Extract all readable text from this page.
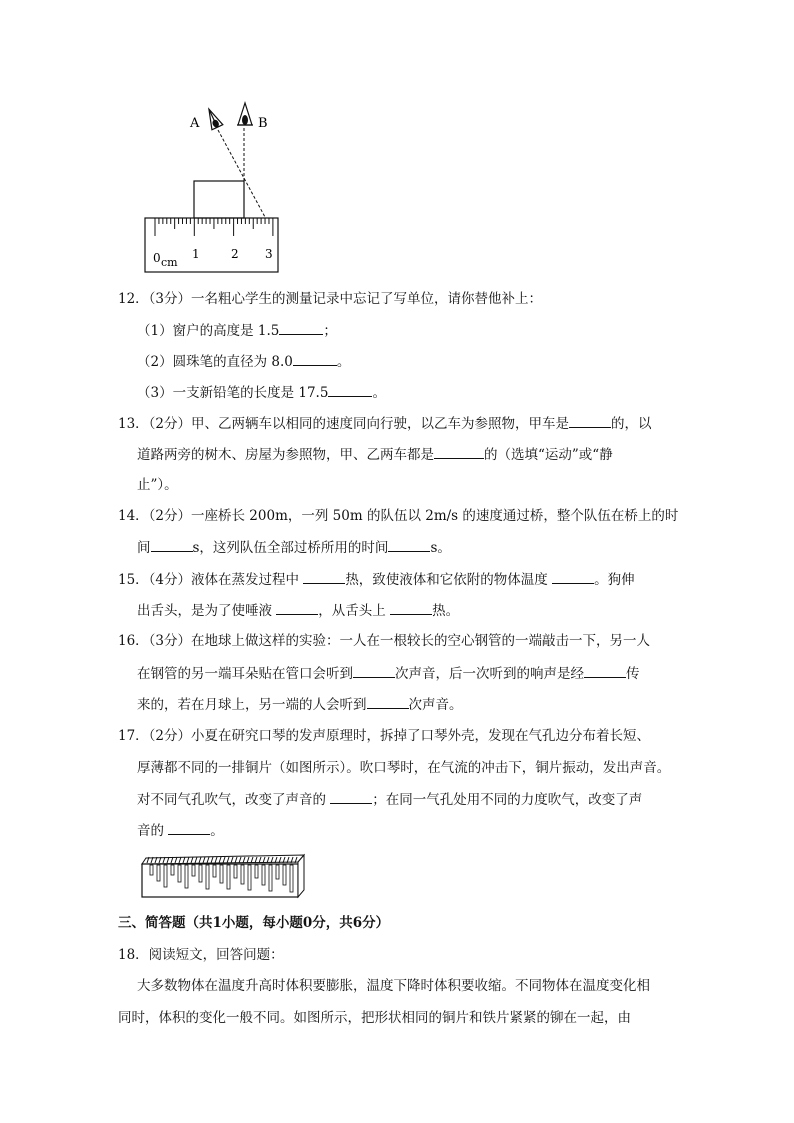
A	B
0 cm
1	2 3
12．（3分）一名粗心学生的测量记录中忘记了写单位，请你替他补上：
（1）窗户的高度是 1.5	；
（2）圆珠笔的直径为 8.0	。
（3）一支新铅笔的长度是 17.5	。
13．（2分）甲、乙两辆车以相同的速度同向行驶，以乙车为参照物，甲车是	的，以
道路两旁的树木、房屋为参照物，甲、乙两车都是	的（选填“运动”或“静
止”）。
14．（2分）一座桥长 200m，一列 50m 的队伍以 2m/s 的速度通过桥，整个队伍在桥上的时
间	s，这列队伍全部过桥所用的时间	s。
15．（4分）液体在蒸发过程中	热，致使液体和它依附的物体温度	。狗伸
出舌头，是为了使唾液	，从舌头上	热。
16．（3分）在地球上做这样的实验：一人在一根较长的空心钢管的一端敲击一下，另一人
在钢管的另一端耳朵贴在管口会听到	次声音，后一次听到的响声是经	传
来的，若在月球上，另一端的人会听到	次声音。
17．（2分）小夏在研究口琴的发声原理时，拆掉了口琴外壳，发现在气孔边分布着长短、
厚薄都不同的一排铜片（如图所示）。吹口琴时，在气流的冲击下，铜片振动，发出声音。
对不同气孔吹气，改变了声音的	；在同一气孔处用不同的力度吹气，改变了声
音的	。
三、简答题（共1小题，每小题0分，共6分）
18．阅读短文，回答问题：
大多数物体在温度升高时体积要膨胀，温度下降时体积要收缩。不同物体在温度变化相
同时，体积的变化一般不同。如图所示，把形状相同的铜片和铁片紧紧的铆在一起，由
